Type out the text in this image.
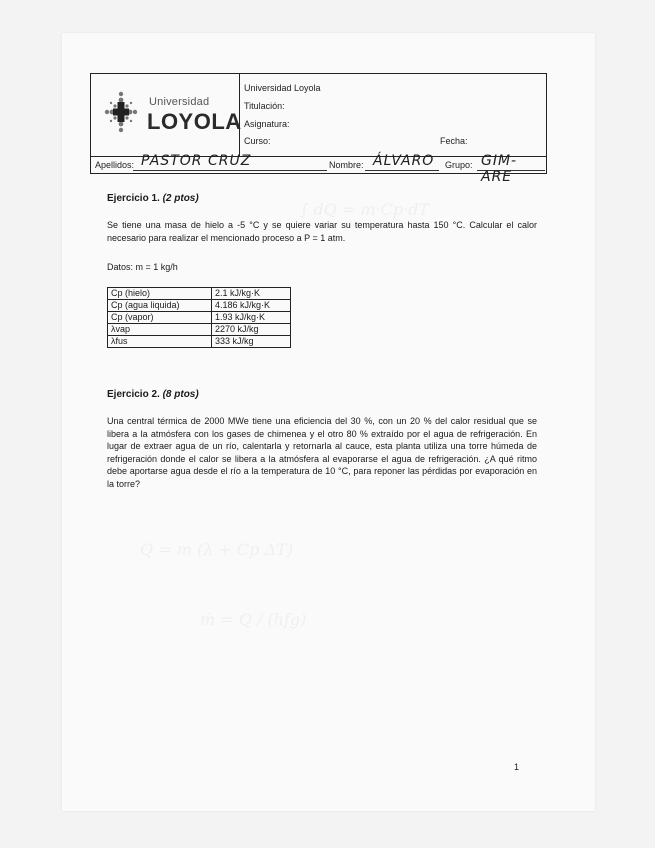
Universidad
LOYOLA
Universidad Loyola
Titulación:
Asignatura:
Curso:	Fecha:
Apellidos: PASTOR CRUZ	Nombre: ÁLVARO Grupo: GIM-ARE
∫ dQ = m·Cp·dT
Q = m (λ + Cp ΔT)
ṁ = Q / (hfg)
Ejercicio 1. (2 ptos)
Se tiene una masa de hielo a -5 °C y se quiere variar su temperatura hasta 150 °C. Calcular el calor necesario para realizar el mencionado proceso a P = 1 atm.
Datos: m = 1 kg/h
Cp (hielo)	2.1 kJ/kg·K
Cp (agua liquida)	4.186 kJ/kg·K
Cp (vapor)	1.93 kJ/kg·K
λvap	2270 kJ/kg
λfus	333 kJ/kg
Ejercicio 2. (8 ptos)
Una central térmica de 2000 MWe tiene una eficiencia del 30 %, con un 20 % del calor residual que se libera a la atmósfera con los gases de chimenea y el otro 80 % extraído por el agua de refrigeración. En lugar de extraer agua de un río, calentarla y retornarla al cauce, esta planta utiliza una torre húmeda de refrigeración donde el calor se libera a la atmósfera al evaporarse el agua de refrigeración. ¿A qué ritmo debe aportarse agua desde el río a la temperatura de 10 °C, para reponer las pérdidas por evaporación en la torre?
1
